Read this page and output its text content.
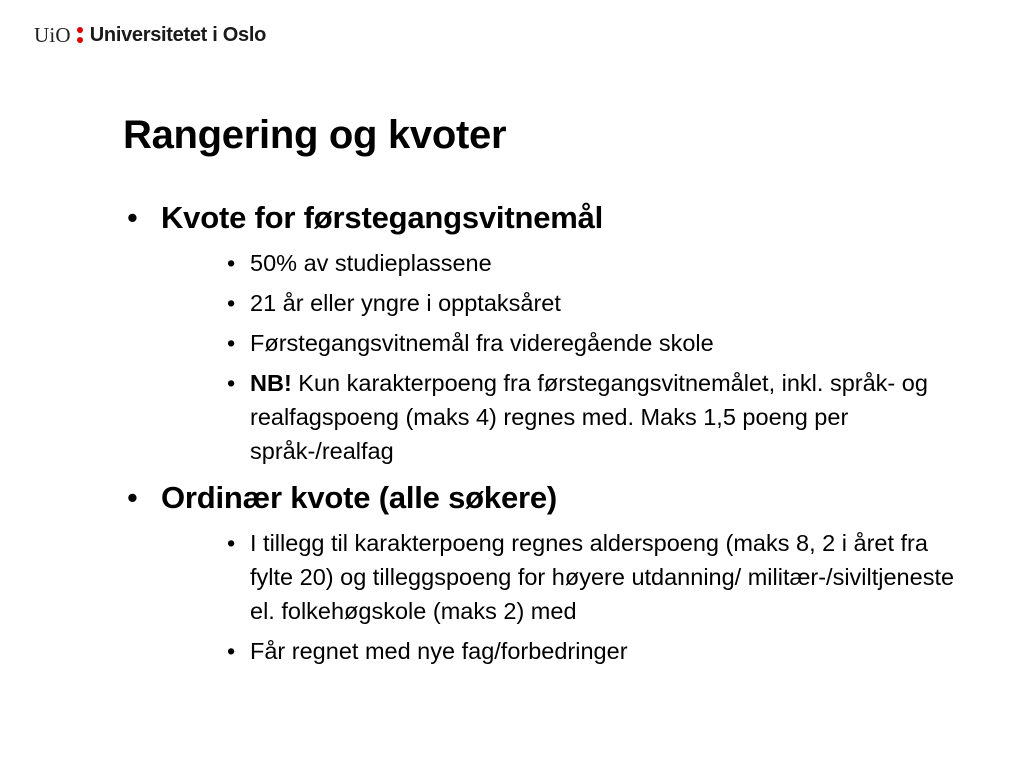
UiO Universitetet i Oslo
Rangering og kvoter
• Kvote for førstegangsvitnemål
• 50% av studieplassene
• 21 år eller yngre i opptaksåret
• Førstegangsvitnemål fra videregående skole
• NB! Kun karakterpoeng fra førstegangsvitnemålet, inkl. språk- og realfagspoeng (maks 4) regnes med. Maks 1,5 poeng per språk-/realfag
• Ordinær kvote (alle søkere)
• I tillegg til karakterpoeng regnes alderspoeng (maks 8, 2 i året fra fylte 20) og tilleggspoeng for høyere utdanning/ militær-/siviltjeneste el. folkehøgskole (maks 2) med
• Får regnet med nye fag/forbedringer
